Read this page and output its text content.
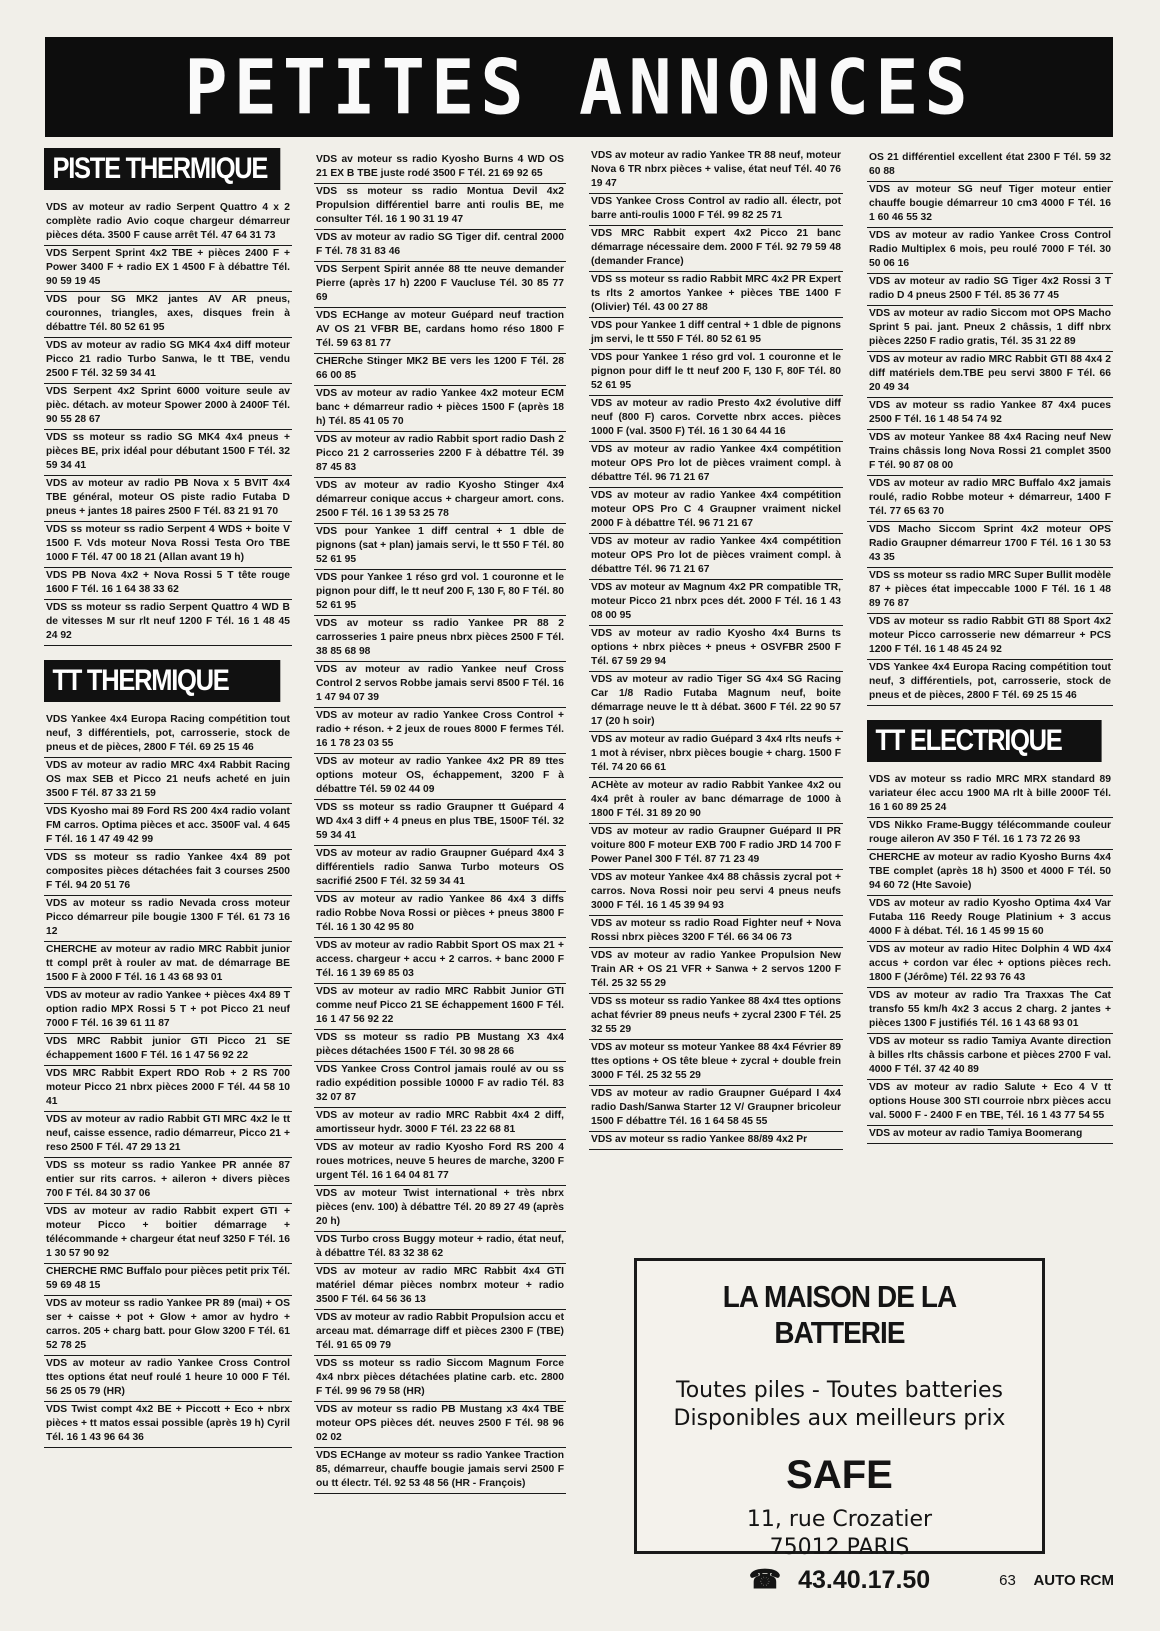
PETITES ANNONCES
PISTE THERMIQUE

VDS av moteur av radio Serpent Quattro 4 x 2 complète radio Avio coque chargeur démarreur pièces déta. 3500 F cause arrêt Tél. 47 64 31 73

VDS Serpent Sprint 4x2 TBE + pièces 2400 F + Power 3400 F + radio EX 1 4500 F à débattre Tél. 90 59 19 45

VDS pour SG MK2 jantes AV AR pneus, couronnes, triangles, axes, disques frein à débattre Tél. 80 52 61 95

VDS av moteur av radio SG MK4 4x4 diff moteur Picco 21 radio Turbo Sanwa, le tt TBE, vendu 2500 F Tél. 32 59 34 41

VDS Serpent 4x2 Sprint 6000 voiture seule av pièc. détach. av moteur Spower 2000 à 2400F Tél. 90 55 28 67

VDS ss moteur ss radio SG MK4 4x4 pneus + pièces BE, prix idéal pour débutant 1500 F Tél. 32 59 34 41

VDS av moteur av radio PB Nova x 5 BVIT 4x4 TBE général, moteur OS piste radio Futaba D pneus + jantes 18 paires 2500 F Tél. 83 21 91 70

VDS ss moteur ss radio Serpent 4 WDS + boite V 1500 F. Vds moteur Nova Rossi Testa Oro TBE 1000 F Tél. 47 00 18 21 (Allan avant 19 h)

VDS PB Nova 4x2 + Nova Rossi 5 T tête rouge 1600 F Tél. 16 1 64 38 33 62

VDS ss moteur ss radio Serpent Quattro 4 WD B de vitesses M sur rlt neuf 1200 F Tél. 16 1 48 45 24 92

TT THERMIQUE

VDS Yankee 4x4 Europa Racing compétition tout neuf, 3 différentiels, pot, carrosserie, stock de pneus et de pièces, 2800 F Tél. 69 25 15 46

VDS av moteur av radio MRC 4x4 Rabbit Racing OS max SEB et Picco 21 neufs acheté en juin 3500 F Tél. 87 33 21 59

VDS Kyosho mai 89 Ford RS 200 4x4 radio volant FM carros. Optima pièces et acc. 3500F val. 4 645 F Tél. 16 1 47 49 42 99

VDS ss moteur ss radio Yankee 4x4 89 pot composites pièces détachées fait 3 courses 2500 F Tél. 94 20 51 76

VDS av moteur ss radio Nevada cross moteur Picco démarreur pile bougie 1300 F Tél. 61 73 16 12

CHERCHE av moteur av radio MRC Rabbit junior tt compl prêt à rouler av mat. de démarrage BE 1500 F à 2000 F Tél. 16 1 43 68 93 01

VDS av moteur av radio Yankee + pièces 4x4 89 T option radio MPX Rossi 5 T + pot Picco 21 neuf 7000 F Tél. 16 39 61 11 87

VDS MRC Rabbit junior GTI Picco 21 SE échappement 1600 F Tél. 16 1 47 56 92 22

VDS MRC Rabbit Expert RDO Rob + 2 RS 700 moteur Picco 21 nbrx pièces 2000 F Tél. 44 58 10 41

VDS av moteur av radio Rabbit GTI MRC 4x2 le tt neuf, caisse essence, radio démarreur, Picco 21 + reso 2500 F Tél. 47 29 13 21

VDS ss moteur ss radio Yankee PR année 87 entier sur rits carros. + aileron + divers pièces 700 F Tél. 84 30 37 06

VDS av moteur av radio Rabbit expert GTI + moteur Picco + boitier démarrage + télécommande + chargeur état neuf 3250 F Tél. 16 1 30 57 90 92

CHERCHE RMC Buffalo pour pièces petit prix Tél. 59 69 48 15

VDS av moteur ss radio Yankee PR 89 (mai) + OS ser + caisse + pot + Glow + amor av hydro + carros. 205 + charg batt. pour Glow 3200 F Tél. 61 52 78 25

VDS av moteur av radio Yankee Cross Control ttes options état neuf roulé 1 heure 10 000 F Tél. 56 25 05 79 (HR)

VDS Twist compt 4x2 BE + Piccott + Eco + nbrx pièces + tt matos essai possible (après 19 h) Cyril Tél. 16 1 43 96 64 36

VDS av moteur ss radio Kyosho Burns 4 WD OS 21 EX B TBE juste rodé 3500 F Tél. 21 69 92 65

VDS ss moteur ss radio Montua Devil 4x2 Propulsion différentiel barre anti roulis BE, me consulter Tél. 16 1 90 31 19 47

VDS av moteur av radio SG Tiger dif. central 2000 F Tél. 78 31 83 46

VDS Serpent Spirit année 88 tte neuve demander Pierre (après 17 h) 2200 F Vaucluse Tél. 30 85 77 69

VDS ECHange av moteur Guépard neuf traction AV OS 21 VFBR BE, cardans homo réso 1800 F Tél. 59 63 81 77

CHERche Stinger MK2 BE vers les 1200 F Tél. 28 66 00 85

VDS av moteur av radio Yankee 4x2 moteur ECM banc + démarreur radio + pièces 1500 F (après 18 h) Tél. 85 41 05 70

VDS av moteur av radio Rabbit sport radio Dash 2 Picco 21 2 carrosseries 2200 F à débattre Tél. 39 87 45 83

VDS av moteur av radio Kyosho Stinger 4x4 démarreur conique accus + chargeur amort. cons. 2500 F Tél. 16 1 39 53 25 78

VDS pour Yankee 1 diff central + 1 dble de pignons (sat + plan) jamais servi, le tt 550 F Tél. 80 52 61 95

VDS pour Yankee 1 réso grd vol. 1 couronne et le pignon pour diff, le tt neuf 200 F, 130 F, 80 F Tél. 80 52 61 95

VDS av moteur ss radio Yankee PR 88 2 carrosseries 1 paire pneus nbrx pièces 2500 F Tél. 38 85 68 98

VDS av moteur av radio Yankee neuf Cross Control 2 servos Robbe jamais servi 8500 F Tél. 16 1 47 94 07 39

VDS av moteur av radio Yankee Cross Control + radio + réson. + 2 jeux de roues 8000 F fermes Tél. 16 1 78 23 03 55

VDS av moteur av radio Yankee 4x2 PR 89 ttes options moteur OS, échappement, 3200 F à débattre Tél. 59 02 44 09

VDS ss moteur ss radio Graupner tt Guépard 4 WD 4x4 3 diff + 4 pneus en plus TBE, 1500F Tél. 32 59 34 41

VDS av moteur av radio Graupner Guépard 4x4 3 différentiels radio Sanwa Turbo moteurs OS sacrifié 2500 F Tél. 32 59 34 41

VDS av moteur av radio Yankee 86 4x4 3 diffs radio Robbe Nova Rossi or pièces + pneus 3800 F Tél. 16 1 30 42 95 80

VDS av moteur av radio Rabbit Sport OS max 21 + access. chargeur + accu + 2 carros. + banc 2000 F Tél. 16 1 39 69 85 03

VDS av moteur av radio MRC Rabbit Junior GTI comme neuf Picco 21 SE échappement 1600 F Tél. 16 1 47 56 92 22

VDS ss moteur ss radio PB Mustang X3 4x4 pièces détachées 1500 F Tél. 30 98 28 66

VDS Yankee Cross Control jamais roulé av ou ss radio expédition possible 10000 F av radio Tél. 83 32 07 87

VDS av moteur av radio MRC Rabbit 4x4 2 diff, amortisseur hydr. 3000 F Tél. 23 22 68 81

VDS av moteur av radio Kyosho Ford RS 200 4 roues motrices, neuve 5 heures de marche, 3200 F urgent Tél. 16 1 64 04 81 77

VDS av moteur Twist international + très nbrx pièces (env. 100) à débattre Tél. 20 89 27 49 (après 20 h)

VDS Turbo cross Buggy moteur + radio, état neuf, à débattre Tél. 83 32 38 62

VDS av moteur av radio MRC Rabbit 4x4 GTI matériel démar pièces nombrx moteur + radio 3500 F Tél. 64 56 36 13

VDS av moteur av radio Rabbit Propulsion accu et arceau mat. démarrage diff et pièces 2300 F (TBE) Tél. 91 65 09 79

VDS ss moteur ss radio Siccom Magnum Force 4x4 nbrx pièces détachées platine carb. etc. 2800 F Tél. 99 96 79 58 (HR)

VDS av moteur ss radio PB Mustang x3 4x4 TBE moteur OPS pièces dét. neuves 2500 F Tél. 98 96 02 02

VDS ECHange av moteur ss radio Yankee Traction 85, démarreur, chauffe bougie jamais servi 2500 F ou tt électr. Tél. 92 53 48 56 (HR - François)

VDS av moteur av radio Yankee TR 88 neuf, moteur Nova 6 TR nbrx pièces + valise, état neuf Tél. 40 76 19 47

VDS Yankee Cross Control av radio all. électr, pot barre anti-roulis 1000 F Tél. 99 82 25 71

VDS MRC Rabbit expert 4x2 Picco 21 banc démarrage nécessaire dem. 2000 F Tél. 92 79 59 48 (demander France)

VDS ss moteur ss radio Rabbit MRC 4x2 PR Expert ts rlts 2 amortos Yankee + pièces TBE 1400 F (Olivier) Tél. 43 00 27 88

VDS pour Yankee 1 diff central + 1 dble de pignons jm servi, le tt 550 F Tél. 80 52 61 95

VDS pour Yankee 1 réso grd vol. 1 couronne et le pignon pour diff le tt neuf 200 F, 130 F, 80F Tél. 80 52 61 95

VDS av moteur av radio Presto 4x2 évolutive diff neuf (800 F) caros. Corvette nbrx acces. pièces 1000 F (val. 3500 F) Tél. 16 1 30 64 44 16

VDS av moteur av radio Yankee 4x4 compétition moteur OPS Pro lot de pièces vraiment compl. à débattre Tél. 96 71 21 67

VDS av moteur av radio Yankee 4x4 compétition moteur OPS Pro C 4 Graupner vraiment nickel 2000 F à débattre Tél. 96 71 21 67

VDS av moteur av radio Yankee 4x4 compétition moteur OPS Pro lot de pièces vraiment compl. à débattre Tél. 96 71 21 67

VDS av moteur av Magnum 4x2 PR compatible TR, moteur Picco 21 nbrx pces dét. 2000 F Tél. 16 1 43 08 00 95

VDS av moteur av radio Kyosho 4x4 Burns ts options + nbrx pièces + pneus + OSVFBR 2500 F Tél. 67 59 29 94

VDS av moteur av radio Tiger SG 4x4 SG Racing Car 1/8 Radio Futaba Magnum neuf, boite démarrage neuve le tt à débat. 3600 F Tél. 22 90 57 17 (20 h soir)

VDS av moteur av radio Guépard 3 4x4 rlts neufs + 1 mot à réviser, nbrx pièces bougie + charg. 1500 F Tél. 74 20 66 61

ACHète av moteur av radio Rabbit Yankee 4x2 ou 4x4 prêt à rouler av banc démarrage de 1000 à 1800 F Tél. 31 89 20 90

VDS av moteur av radio Graupner Guépard II PR voiture 800 F moteur EXB 700 F radio JRD 14 700 F Power Panel 300 F Tél. 87 71 23 49

VDS av moteur Yankee 4x4 88 châssis zycral pot + carros. Nova Rossi noir peu servi 4 pneus neufs 3000 F Tél. 16 1 45 39 94 93

VDS av moteur ss radio Road Fighter neuf + Nova Rossi nbrx pièces 3200 F Tél. 66 34 06 73

VDS av moteur av radio Yankee Propulsion New Train AR + OS 21 VFR + Sanwa + 2 servos 1200 F Tél. 25 32 55 29

VDS ss moteur ss radio Yankee 88 4x4 ttes options achat février 89 pneus neufs + zycral 2300 F Tél. 25 32 55 29

VDS av moteur ss moteur Yankee 88 4x4 Février 89 ttes options + OS tête bleue + zycral + double frein 3000 F Tél. 25 32 55 29

VDS av moteur av radio Graupner Guépard I 4x4 radio Dash/Sanwa Starter 12 V/ Graupner bricoleur 1500 F débattre Tél. 16 1 64 58 45 55

VDS av moteur ss radio Yankee 88/89 4x2 Pr

OS 21 différentiel excellent état 2300 F Tél. 59 32 60 88

VDS av moteur SG neuf Tiger moteur entier chauffe bougie démarreur 10 cm3 4000 F Tél. 16 1 60 46 55 32

VDS av moteur av radio Yankee Cross Control Radio Multiplex 6 mois, peu roulé 7000 F Tél. 30 50 06 16

VDS av moteur av radio SG Tiger 4x2 Rossi 3 T radio D 4 pneus 2500 F Tél. 85 36 77 45

VDS av moteur av radio Siccom mot OPS Macho Sprint 5 pai. jant. Pneux 2 châssis, 1 diff nbrx pièces 2250 F radio gratis, Tél. 35 31 22 89

VDS av moteur av radio MRC Rabbit GTI 88 4x4 2 diff matériels dem.TBE peu servi 3800 F Tél. 66 20 49 34

VDS av moteur ss radio Yankee 87 4x4 puces 2500 F Tél. 16 1 48 54 74 92

VDS av moteur Yankee 88 4x4 Racing neuf New Trains châssis long Nova Rossi 21 complet 3500 F Tél. 90 87 08 00

VDS av moteur av radio MRC Buffalo 4x2 jamais roulé, radio Robbe moteur + démarreur, 1400 F Tél. 77 65 63 70

VDS Macho Siccom Sprint 4x2 moteur OPS Radio Graupner démarreur 1700 F Tél. 16 1 30 53 43 35

VDS ss moteur ss radio MRC Super Bullit modèle 87 + pièces état impeccable 1000 F Tél. 16 1 48 89 76 87

VDS av moteur ss radio Rabbit GTI 88 Sport 4x2 moteur Picco carrosserie new démarreur + PCS 1200 F Tél. 16 1 48 45 24 92

VDS Yankee 4x4 Europa Racing compétition tout neuf, 3 différentiels, pot, carrosserie, stock de pneus et de pièces, 2800 F Tél. 69 25 15 46

TT ELECTRIQUE

VDS av moteur ss radio MRC MRX standard 89 variateur élec accu 1900 MA rlt à bille 2000F Tél. 16 1 60 89 25 24

VDS Nikko Frame-Buggy télécommande couleur rouge aileron AV 350 F Tél. 16 1 73 72 26 93

CHERCHE av moteur av radio Kyosho Burns 4x4 TBE complet (après 18 h) 3500 et 4000 F Tél. 50 94 60 72 (Hte Savoie)

VDS av moteur av radio Kyosho Optima 4x4 Var Futaba 116 Reedy Rouge Platinium + 3 accus 4000 F à débat. Tél. 16 1 45 99 15 60

VDS av moteur av radio Hitec Dolphin 4 WD 4x4 accus + cordon var élec + options pièces rech. 1800 F (Jérôme) Tél. 22 93 76 43

VDS av moteur av radio Tra Traxxas The Cat transfo 55 km/h 4x2 3 accus 2 charg. 2 jantes + pièces 1300 F justifiés Tél. 16 1 43 68 93 01

VDS av moteur ss radio Tamiya Avante direction à billes rlts châssis carbone et pièces 2700 F val. 4000 F Tél. 37 42 40 89

VDS av moteur av radio Salute + Eco 4 V tt options House 300 STI courroie nbrx pièces accu val. 5000 F - 2400 F en TBE, Tél. 16 1 43 77 54 55

VDS av moteur av radio Tamiya Boomerang

LA MAISON DE LA BATTERIE
Toutes piles - Toutes batteries
Disponibles aux meilleurs prix
SAFE
11, rue Crozatier
75012 PARIS
☎ 43.40.17.50	63 AUTO RCM
